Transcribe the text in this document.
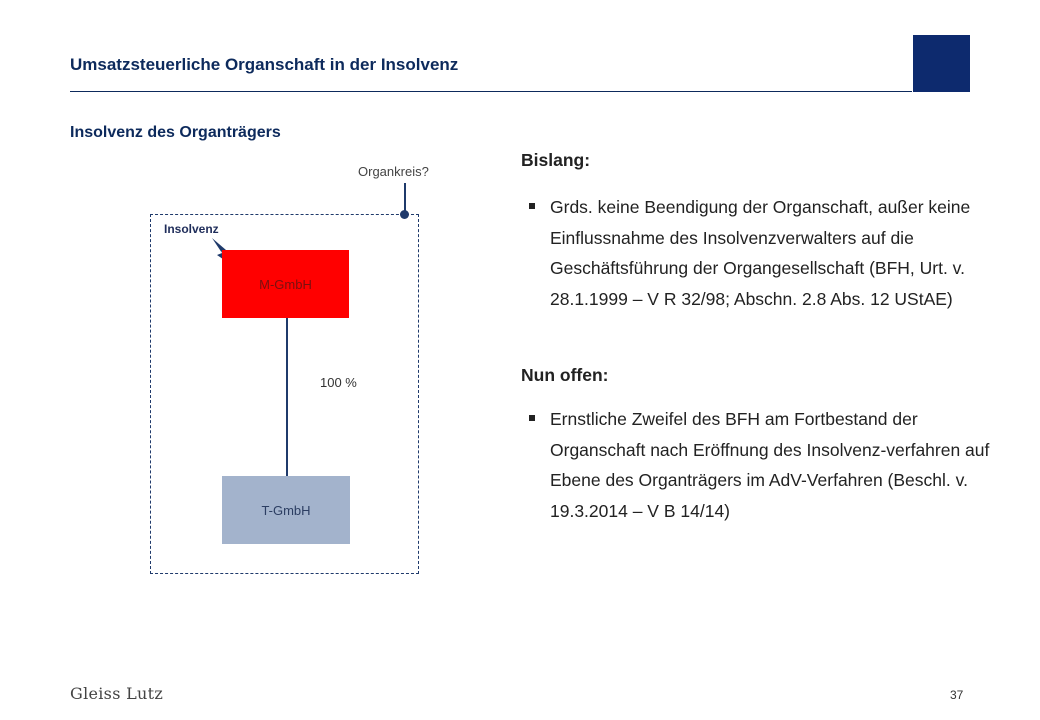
Umsatzsteuerliche Organschaft in der Insolvenz
Insolvenz des Organträgers
Organkreis?
Insolvenz
M-GmbH
100 %
T-GmbH
Bislang:
Grds. keine Beendigung der Organschaft, außer keine Einflussnahme des Insolvenzverwalters auf die Geschäftsführung der Organgesellschaft (BFH, Urt. v. 28.1.1999 – V R 32/98; Abschn. 2.8 Abs. 12 UStAE)
Nun offen:
Ernstliche Zweifel des BFH am Fortbestand der Organschaft nach Eröffnung des Insolvenz-verfahren auf Ebene des Organträgers im AdV-Verfahren (Beschl. v. 19.3.2014 – V B 14/14)
Gleiss Lutz	37
